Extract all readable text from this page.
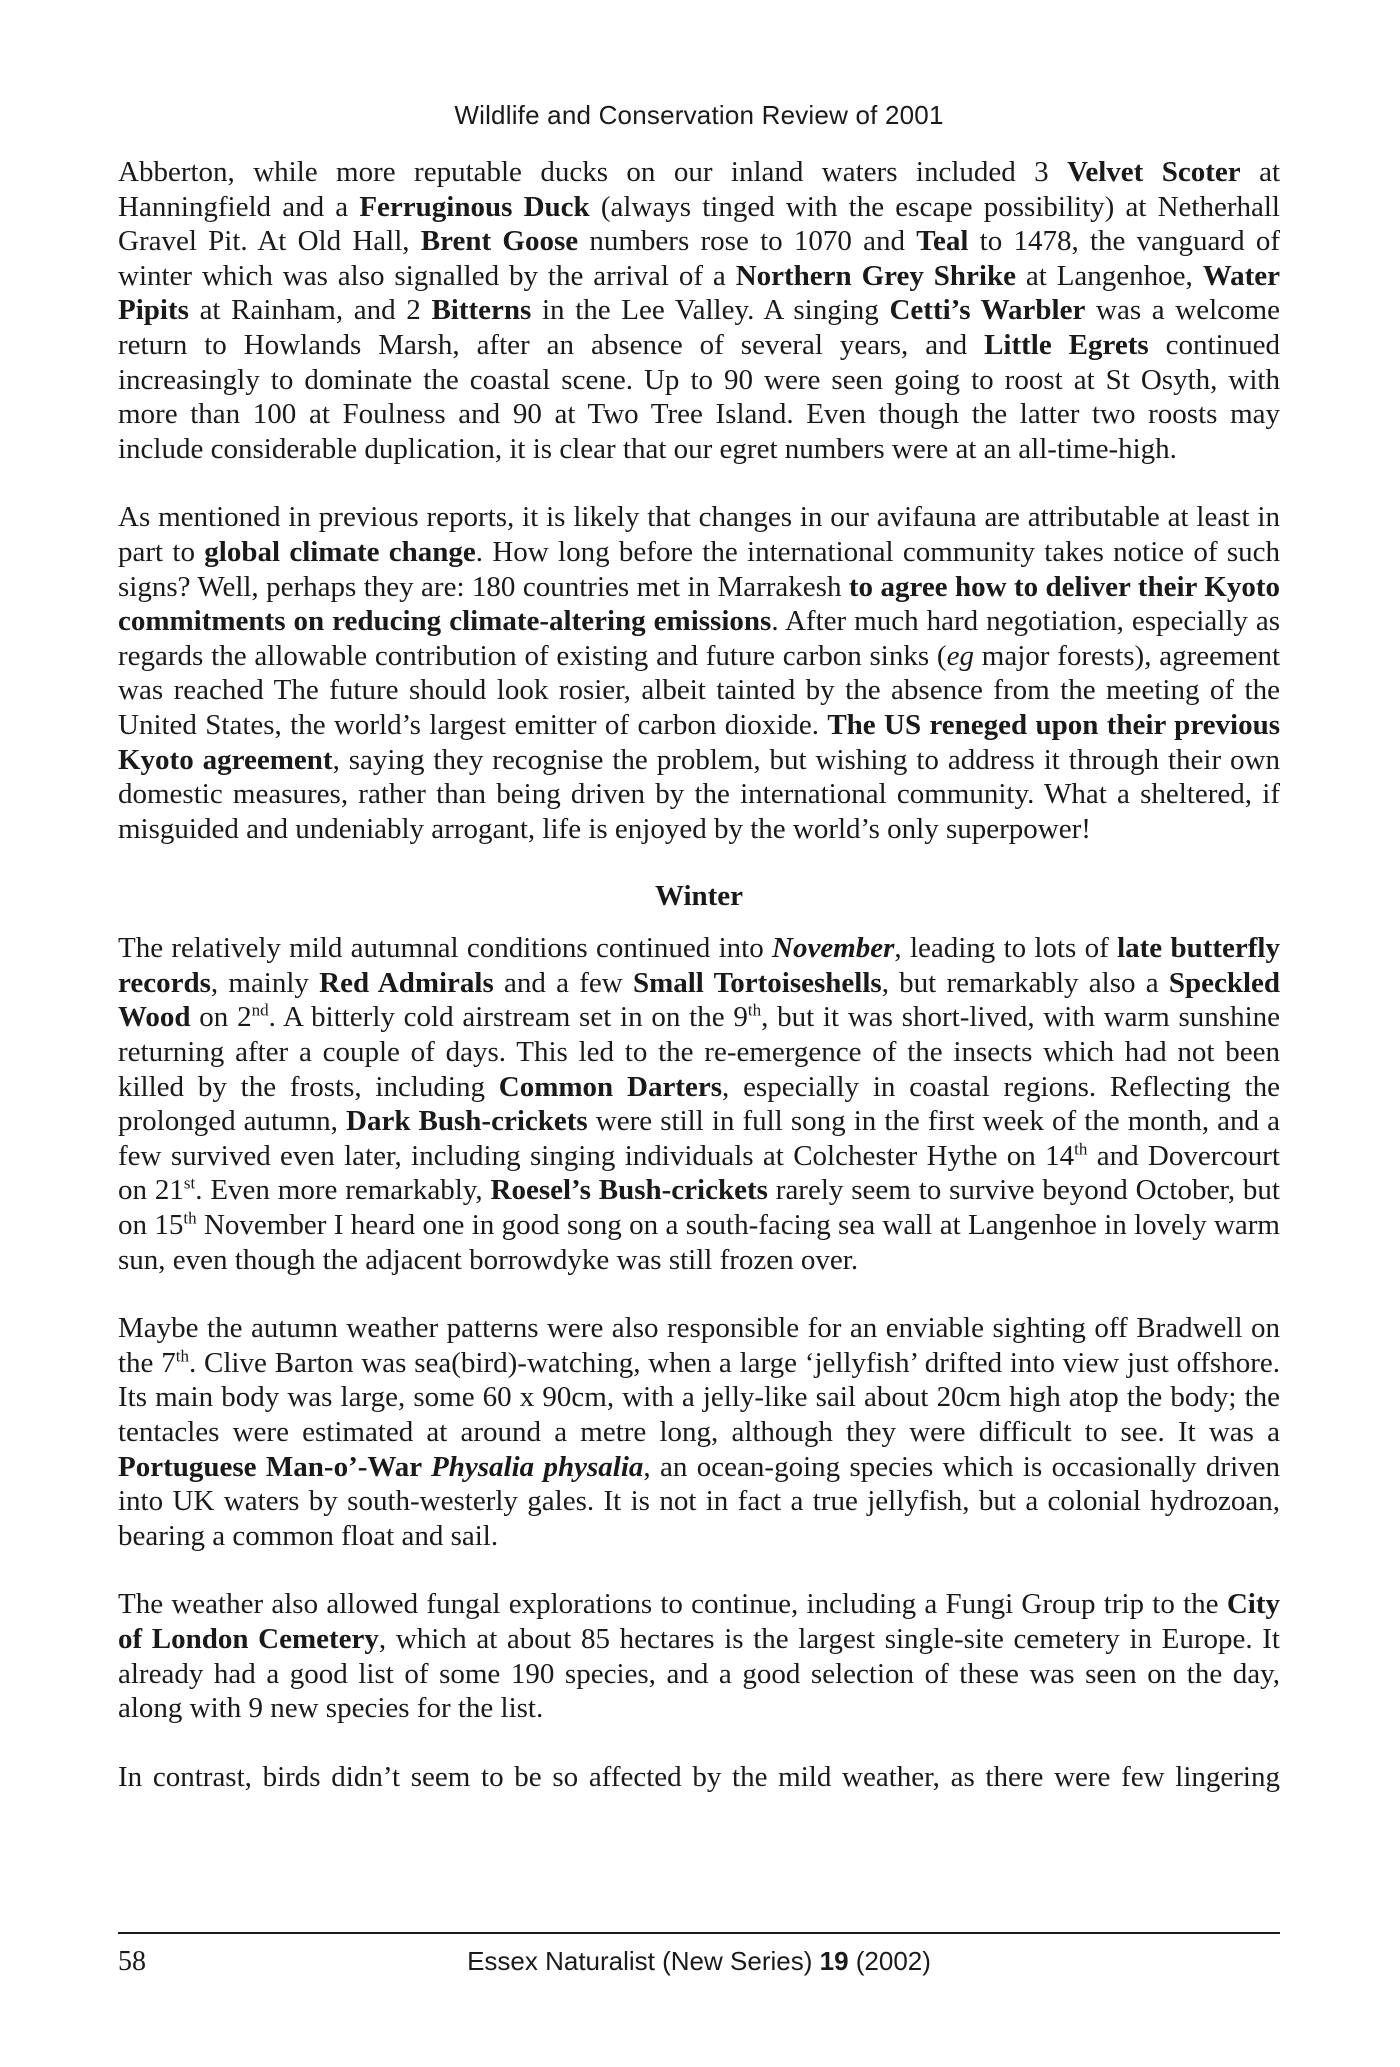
Wildlife and Conservation Review of 2001

Abberton, while more reputable ducks on our inland waters included 3 Velvet Scoter at Hanningfield and a Ferruginous Duck (always tinged with the escape possibility) at Netherhall Gravel Pit. At Old Hall, Brent Goose numbers rose to 1070 and Teal to 1478, the vanguard of winter which was also signalled by the arrival of a Northern Grey Shrike at Langenhoe, Water Pipits at Rainham, and 2 Bitterns in the Lee Valley. A singing Cetti’s Warbler was a welcome return to Howlands Marsh, after an absence of several years, and Little Egrets continued increasingly to dominate the coastal scene. Up to 90 were seen going to roost at St Osyth, with more than 100 at Foulness and 90 at Two Tree Island. Even though the latter two roosts may include considerable duplication, it is clear that our egret numbers were at an all-time-high.

As mentioned in previous reports, it is likely that changes in our avifauna are attributable at least in part to global climate change. How long before the international community takes notice of such signs? Well, perhaps they are: 180 countries met in Marrakesh to agree how to deliver their Kyoto commitments on reducing climate-altering emissions. After much hard negotiation, especially as regards the allowable contribution of existing and future carbon sinks (eg major forests), agreement was reached The future should look rosier, albeit tainted by the absence from the meeting of the United States, the world’s largest emitter of carbon dioxide. The US reneged upon their previous Kyoto agreement, saying they recognise the problem, but wishing to address it through their own domestic measures, rather than being driven by the international community. What a sheltered, if misguided and undeniably arrogant, life is enjoyed by the world’s only superpower!

Winter

The relatively mild autumnal conditions continued into November, leading to lots of late butterfly records, mainly Red Admirals and a few Small Tortoiseshells, but remarkably also a Speckled Wood on 2nd. A bitterly cold airstream set in on the 9th, but it was short-lived, with warm sunshine returning after a couple of days. This led to the re-emergence of the insects which had not been killed by the frosts, including Common Darters, especially in coastal regions. Reflecting the prolonged autumn, Dark Bush-crickets were still in full song in the first week of the month, and a few survived even later, including singing individuals at Colchester Hythe on 14th and Dovercourt on 21st. Even more remarkably, Roesel’s Bush-crickets rarely seem to survive beyond October, but on 15th November I heard one in good song on a south-facing sea wall at Langenhoe in lovely warm sun, even though the adjacent borrowdyke was still frozen over.

Maybe the autumn weather patterns were also responsible for an enviable sighting off Bradwell on the 7th. Clive Barton was sea(bird)-watching, when a large ‘jellyfish’ drifted into view just offshore. Its main body was large, some 60 x 90cm, with a jelly-like sail about 20cm high atop the body; the tentacles were estimated at around a metre long, although they were difficult to see. It was a Portuguese Man-o’-War Physalia physalia, an ocean-going species which is occasionally driven into UK waters by south-westerly gales. It is not in fact a true jellyfish, but a colonial hydrozoan, bearing a common float and sail.

The weather also allowed fungal explorations to continue, including a Fungi Group trip to the City of London Cemetery, which at about 85 hectares is the largest single-site cemetery in Europe. It already had a good list of some 190 species, and a good selection of these was seen on the day, along with 9 new species for the list.

In contrast, birds didn’t seem to be so affected by the mild weather, as there were few lingering

58	Essex Naturalist (New Series) 19 (2002)
